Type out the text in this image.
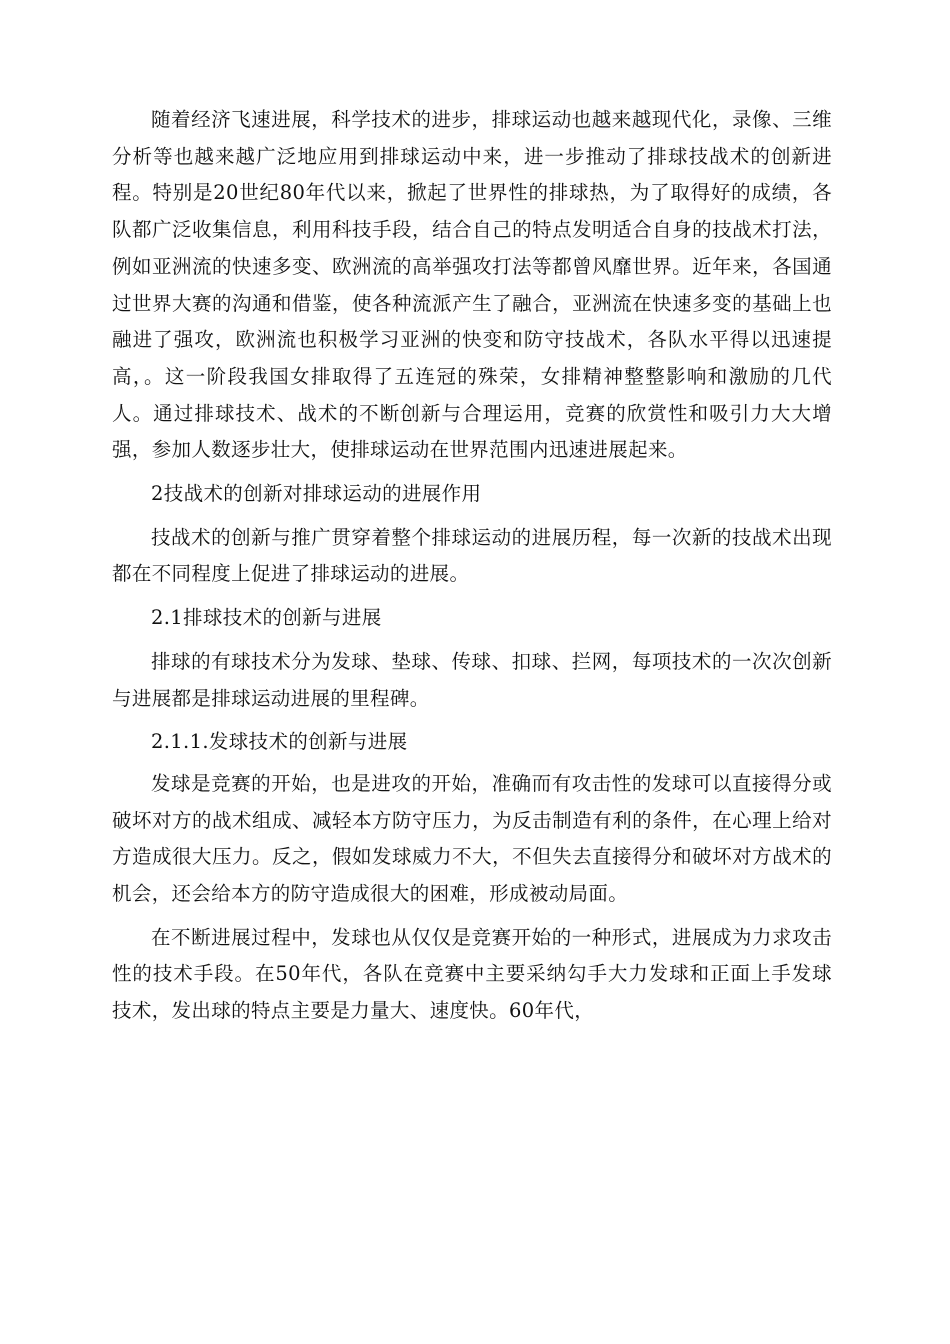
随着经济飞速进展，科学技术的进步，排球运动也越来越现代化，录像、三维分析等也越来越广泛地应用到排球运动中来，进一步推动了排球技战术的创新进程。特别是20世纪80年代以来，掀起了世界性的排球热，为了取得好的成绩，各队都广泛收集信息，利用科技手段，结合自己的特点发明适合自身的技战术打法，例如亚洲流的快速多变、欧洲流的高举强攻打法等都曾风靡世界。近年来，各国通过世界大赛的沟通和借鉴，使各种流派产生了融合，亚洲流在快速多变的基础上也融进了强攻，欧洲流也积极学习亚洲的快变和防守技战术，各队水平得以迅速提高，。这一阶段我国女排取得了五连冠的殊荣，女排精神整整影响和激励的几代人。通过排球技术、战术的不断创新与合理运用，竞赛的欣赏性和吸引力大大增强，参加人数逐步壮大，使排球运动在世界范围内迅速进展起来。

2技战术的创新对排球运动的进展作用

技战术的创新与推广贯穿着整个排球运动的进展历程，每一次新的技战术出现都在不同程度上促进了排球运动的进展。

2.1排球技术的创新与进展

排球的有球技术分为发球、垫球、传球、扣球、拦网，每项技术的一次次创新与进展都是排球运动进展的里程碑。

2.1.1.发球技术的创新与进展

发球是竞赛的开始，也是进攻的开始，准确而有攻击性的发球可以直接得分或破坏对方的战术组成、减轻本方防守压力，为反击制造有利的条件，在心理上给对方造成很大压力。反之，假如发球威力不大，不但失去直接得分和破坏对方战术的机会，还会给本方的防守造成很大的困难，形成被动局面。

在不断进展过程中，发球也从仅仅是竞赛开始的一种形式，进展成为力求攻击性的技术手段。在50年代，各队在竞赛中主要采纳勾手大力发球和正面上手发球技术，发出球的特点主要是力量大、速度快。60年代，
